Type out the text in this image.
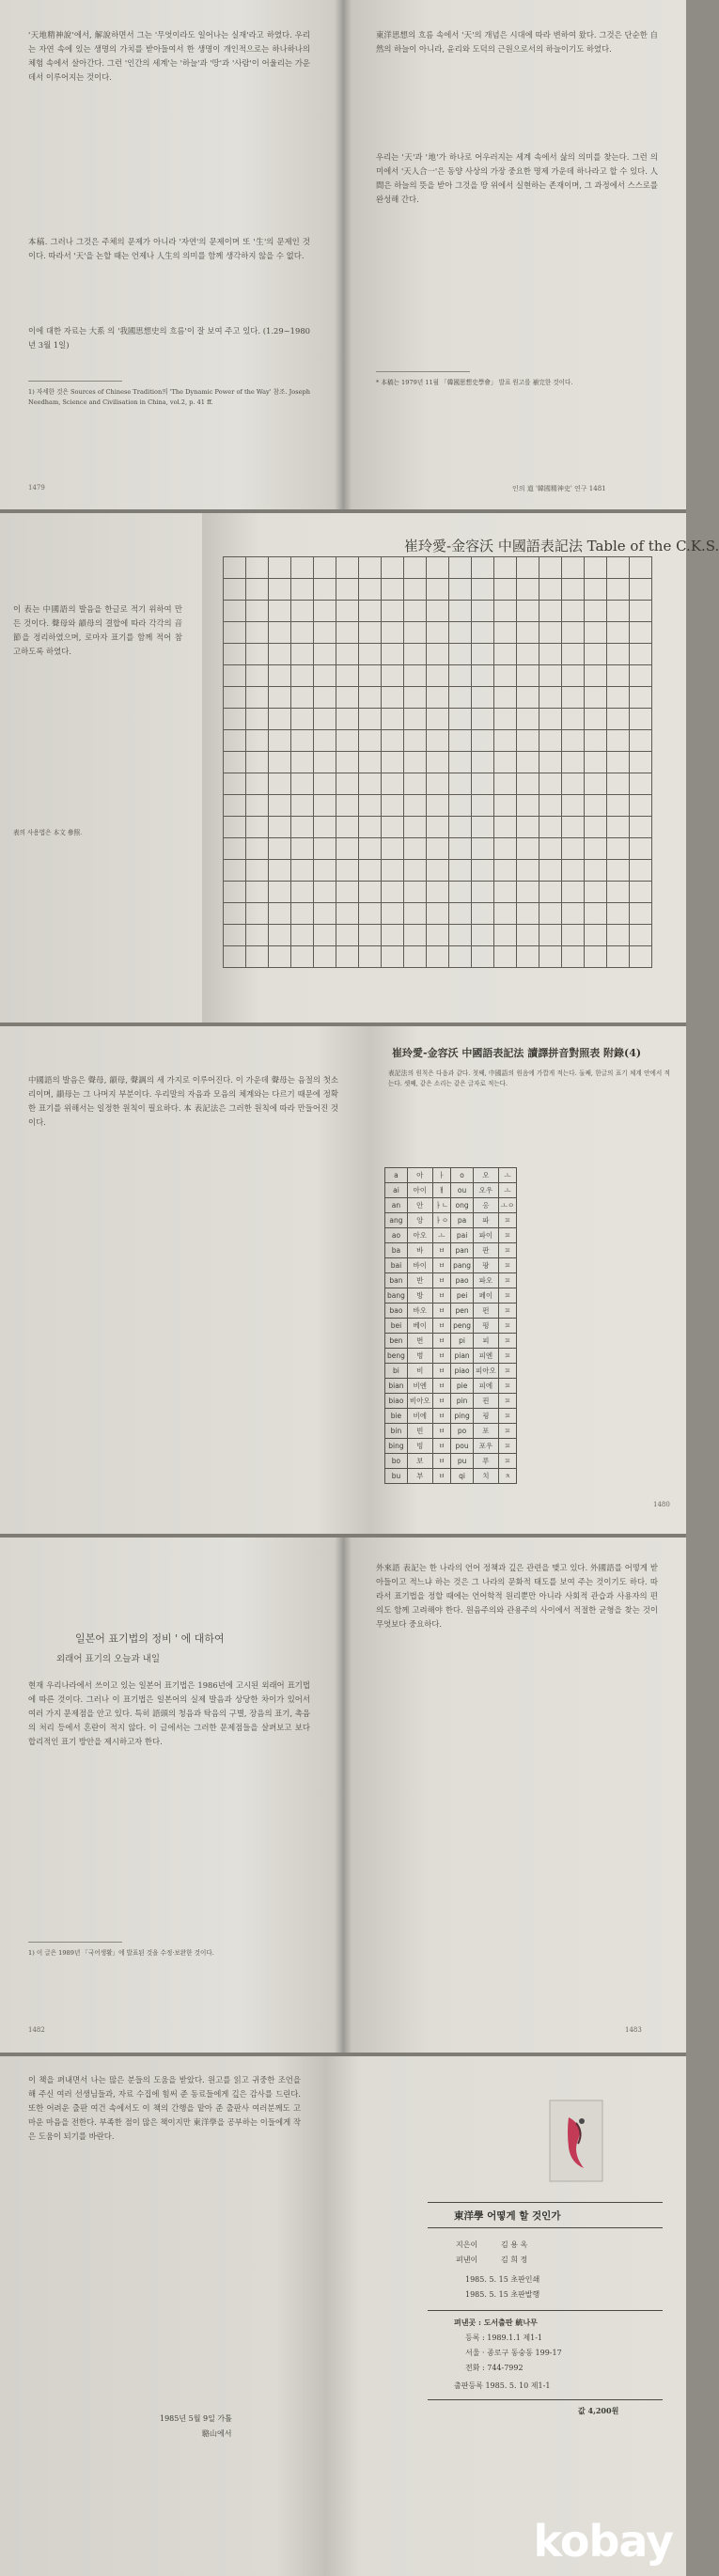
'天地精神說'에서, 解說하면서 그는 '무엇이라도 일어나는 실재'라고 하였다. 우리는 자연 속에 있는 생명의 가치를 받아들여서 한 생명이 개인적으로는 하나하나의 체험 속에서 살아간다. 그런 '인간의 세계'는 '하늘'과 '땅'과 '사람'이 어울리는 가운데서 이루어지는 것이다.
本稿. 그러나 그것은 주체의 문제가 아니라 '자연'의 문제이며 또 '生'의 문제인 것이다. 따라서 '天'을 논할 때는 언제나 人生의 의미를 함께 생각하지 않을 수 없다.
이에 대한 자료는 大系 의 '我國思想史의 흐름'이 잘 보여 주고 있다. (1.29~1980년 3월 1일)
1) 자세한 것은 Sources of Chinese Tradition의 'The Dynamic Power of the Way' 참조. Joseph Needham, Science and Civilisation in China, vol.2, p. 41 ff.
1479
東洋思想의 흐름 속에서 '天'의 개념은 시대에 따라 변하여 왔다. 그것은 단순한 自然의 하늘이 아니라, 윤리와 도덕의 근원으로서의 하늘이기도 하였다.
우리는 '天'과 '地'가 하나로 어우러지는 세계 속에서 삶의 의미를 찾는다. 그런 의미에서 '天人合一'은 동양 사상의 가장 중요한 명제 가운데 하나라고 할 수 있다. 人間은 하늘의 뜻을 받아 그것을 땅 위에서 실현하는 존재이며, 그 과정에서 스스로를 완성해 간다.
* 本稿는 1979년 11월 「韓國思想史學會」 발표 원고를 補完한 것이다.
인의 道 '韓國精神史' 연구 1481
이 表는 中國語의 발음을 한글로 적기 위하여 만든 것이다. 聲母와 韻母의 결합에 따라 각각의 音節을 정리하였으며, 로마자 표기를 함께 적어 참고하도록 하였다.
表의 사용법은 本文 參照.
崔玲愛-金容沃 中國語表記法 Table of the C.K.S.

中國語의 발음은 聲母, 韻母, 聲調의 세 가지로 이루어진다. 이 가운데 聲母는 음절의 첫소리이며, 韻母는 그 나머지 부분이다. 우리말의 자음과 모음의 체계와는 다르기 때문에 정확한 표기를 위해서는 일정한 원칙이 필요하다. 本 表記法은 그러한 원칙에 따라 만들어진 것이다.
崔玲愛-金容沃 中國語表記法 讀譯拼音對照表 附錄(4)
表記法의 원칙은 다음과 같다. 첫째, 中國語의 원음에 가깝게 적는다. 둘째, 한글의 표기 체계 안에서 적는다. 셋째, 같은 소리는 같은 글자로 적는다.
a	아	ㅏ	o	오	ㅗ
ai	아이	ㅐ	ou	오우	ㅗ
an	안	ㅏㄴ	ong	옹	ㅗㅇ
ang	앙	ㅏㅇ	pa	파	ㅍ
ao	아오	ㅗ	pai	파이	ㅍ
ba	바	ㅂ	pan	판	ㅍ
bai	바이	ㅂ	pang	팡	ㅍ
ban	반	ㅂ	pao	파오	ㅍ
bang	방	ㅂ	pei	페이	ㅍ
bao	바오	ㅂ	pen	펀	ㅍ
bei	베이	ㅂ	peng	펑	ㅍ
ben	번	ㅂ	pi	피	ㅍ
beng	벙	ㅂ	pian	피엔	ㅍ
bi	비	ㅂ	piao	피아오	ㅍ
bian	비엔	ㅂ	pie	피에	ㅍ
biao	비아오	ㅂ	pin	핀	ㅍ
bie	비에	ㅂ	ping	핑	ㅍ
bin	빈	ㅂ	po	포	ㅍ
bing	빙	ㅂ	pou	포우	ㅍ
bo	보	ㅂ	pu	푸	ㅍ
bu	부	ㅂ	qi	치	ㅊ
1480
일본어 표기법의 정비 ' 에 대하여
외래어 표기의 오늘과 내일
현재 우리나라에서 쓰이고 있는 일본어 표기법은 1986년에 고시된 외래어 표기법에 따른 것이다. 그러나 이 표기법은 일본어의 실제 발음과 상당한 차이가 있어서 여러 가지 문제점을 안고 있다. 특히 語頭의 청음과 탁음의 구별, 장음의 표기, 촉음의 처리 등에서 혼란이 적지 않다. 이 글에서는 그러한 문제점들을 살펴보고 보다 합리적인 표기 방안을 제시하고자 한다.
1) 이 글은 1989년 「국어생활」에 발표된 것을 수정·보완한 것이다.
1482
外來語 表記는 한 나라의 언어 정책과 깊은 관련을 맺고 있다. 外國語를 어떻게 받아들이고 적느냐 하는 것은 그 나라의 문화적 태도를 보여 주는 것이기도 하다. 따라서 표기법을 정할 때에는 언어학적 원리뿐만 아니라 사회적 관습과 사용자의 편의도 함께 고려해야 한다. 원음주의와 관용주의 사이에서 적절한 균형을 찾는 것이 무엇보다 중요하다.
1483
이 책을 펴내면서 나는 많은 분들의 도움을 받았다. 원고를 읽고 귀중한 조언을 해 주신 여러 선생님들과, 자료 수집에 힘써 준 동료들에게 깊은 감사를 드린다. 또한 어려운 출판 여건 속에서도 이 책의 간행을 맡아 준 출판사 여러분께도 고마운 마음을 전한다. 부족한 점이 많은 책이지만 東洋學을 공부하는 이들에게 작은 도움이 되기를 바란다.
1985년 5월 9일 가톨
駱山에서
東洋學 어떻게 할 것인가
지은이	김 용 옥
펴낸이	김 희 정
1985. 5. 15 초판인쇄
1985. 5. 15 초판발행
펴낸곳 : 도서출판 統나무
등록 : 1989.1.1 제1-1
서울 · 종로구 동숭동 199-17
전화 : 744-7992
출판등록 1985. 5. 10 제1-1
값 4,200원
kobay
